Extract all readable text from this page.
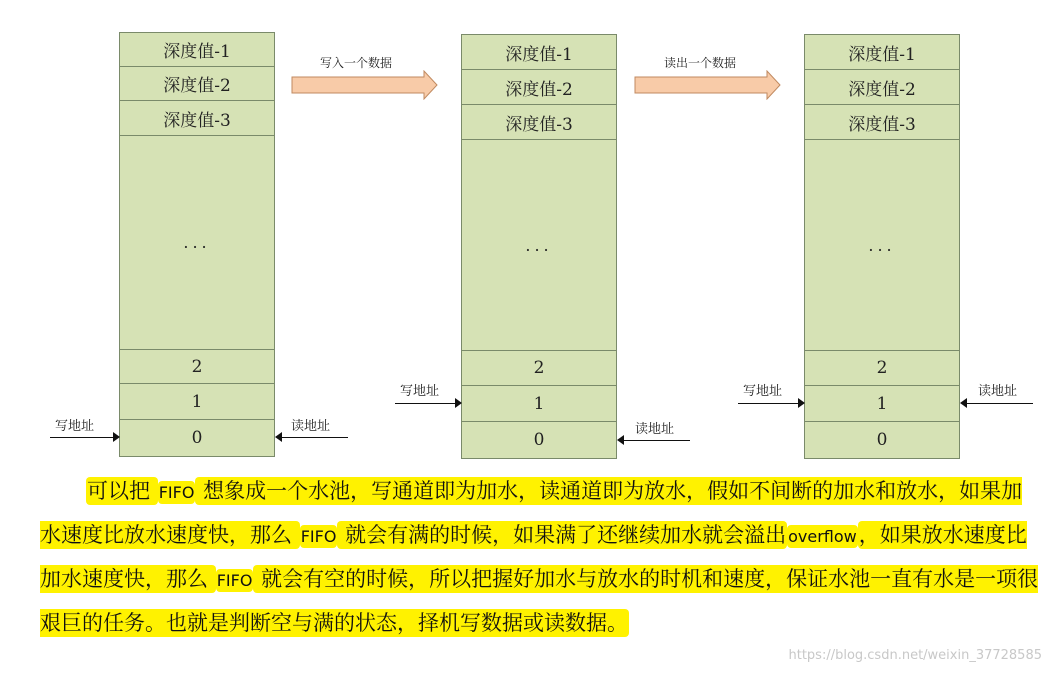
深度值-1
深度值-2
深度值-3
...
2
1
0
写地址	读地址
写入一个数据	深度值-1
深度值-2
深度值-3
...
2
1
0
写地址
读地址
读出一个数据	深度值-1
深度值-2
深度值-3
...
2
1
0
写地址	读地址
可以把 FIFO 想象成一个水池，写通道即为加水，读通道即为放水，假如不间断的加水和放水，如果加水速度比放水速度快，那么 FIFO 就会有满的时候，如果满了还继续加水就会溢出 overflow，如果放水速度比加水速度快，那么 FIFO 就会有空的时候，所以把握好加水与放水的时机和速度，保证水池一直有水是一项很艰巨的任务。也就是判断空与满的状态，择机写数据或读数据。
https://blog.csdn.net/weixin_37728585
